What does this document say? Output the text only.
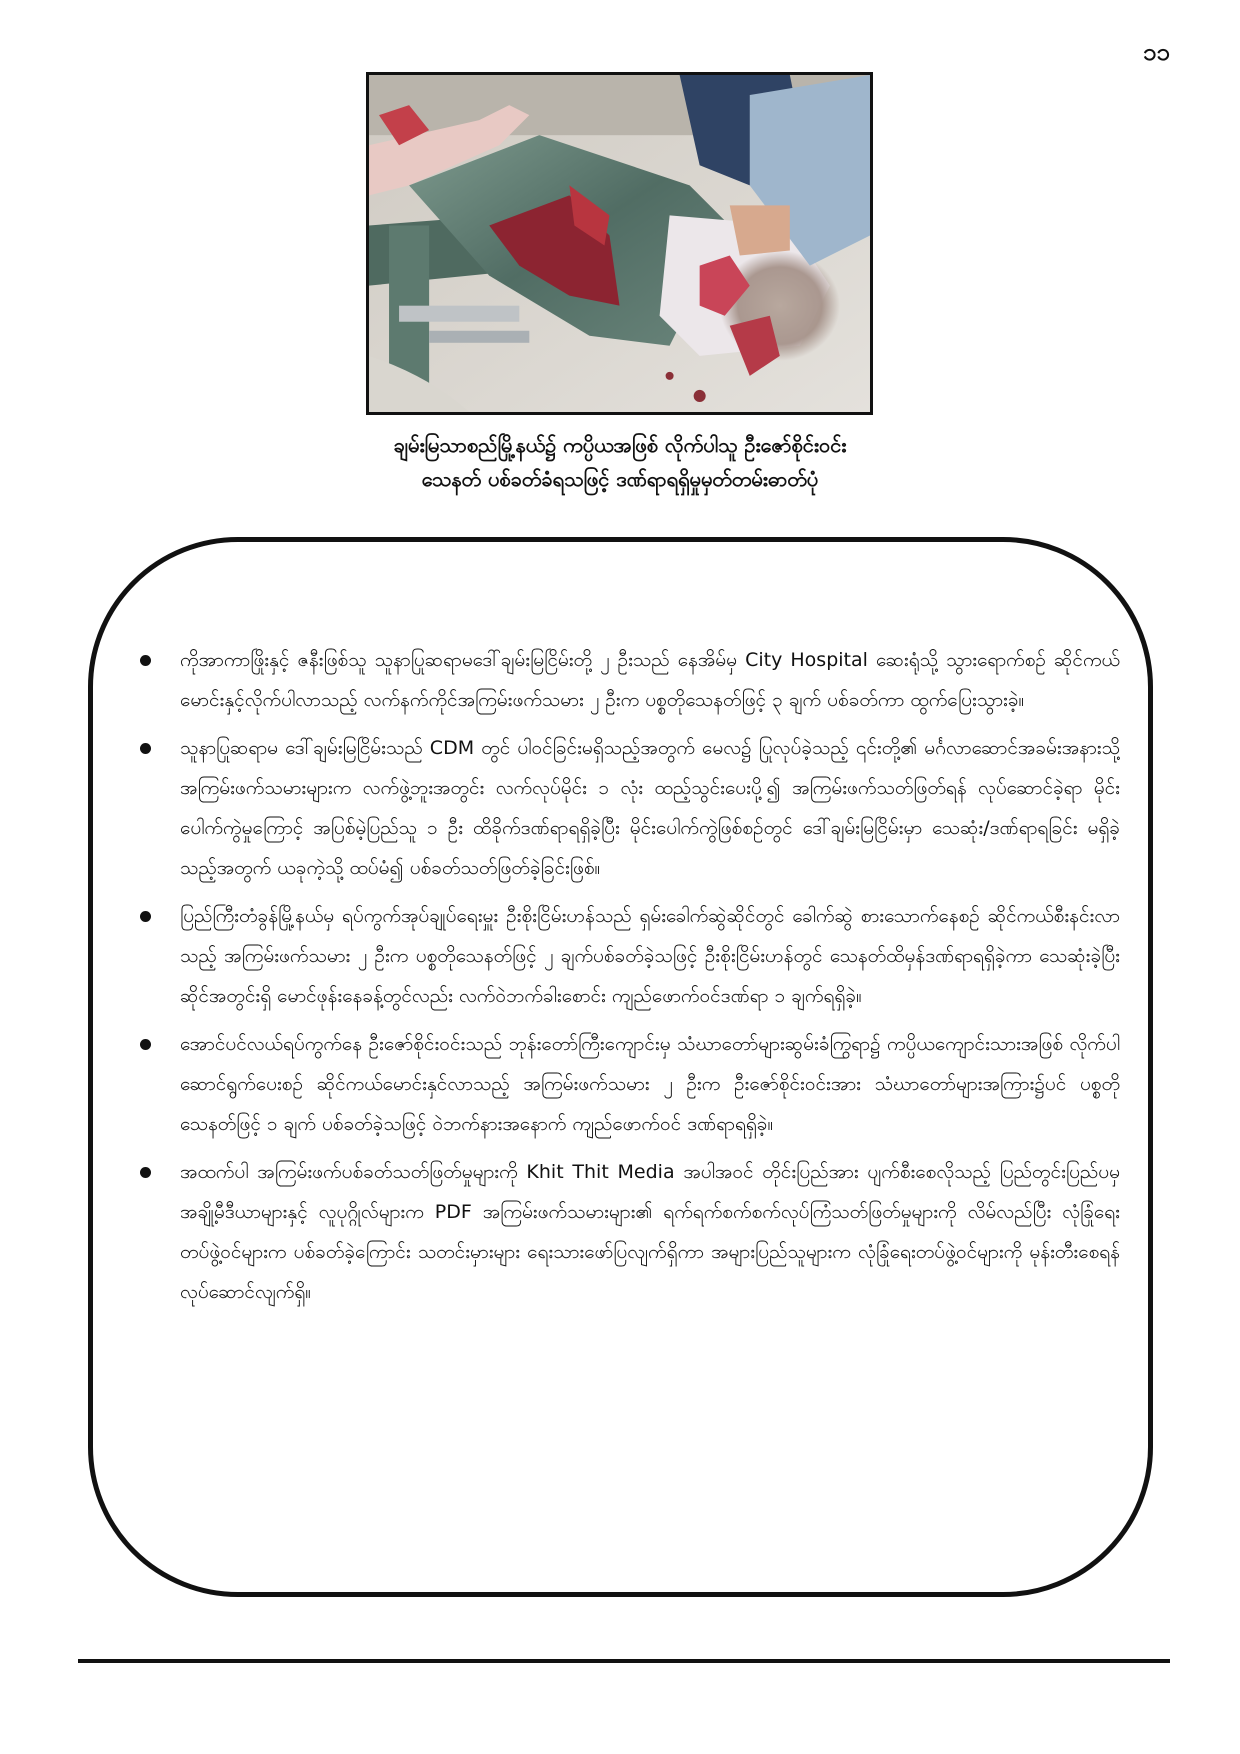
၁၁
ချမ်းမြသာစည်မြို့နယ်၌ ကပ္ပိယအဖြစ် လိုက်ပါသူ ဦးဇော်စိုင်းဝင်း
သေနတ် ပစ်ခတ်ခံရသဖြင့် ဒဏ်ရာရရှိမှုမှတ်တမ်းဓာတ်ပုံ
ကိုအာကာဖြိုးနှင့် ဇနီးဖြစ်သူ သူနာပြုဆရာမဒေါ်ချမ်းမြငြိမ်းတို့ ၂ ဦးသည် နေအိမ်မှ City Hospital ဆေးရုံသို့ သွားရောက်စဉ် ဆိုင်ကယ်မောင်းနှင့်လိုက်ပါလာသည့် လက်နက်ကိုင်အကြမ်းဖက်သမား ၂ ဦးက ပစ္စတိုသေနတ်ဖြင့် ၃ ချက် ပစ်ခတ်ကာ ထွက်ပြေးသွားခဲ့။
သူနာပြုဆရာမ ဒေါ်ချမ်းမြငြိမ်းသည် CDM တွင် ပါဝင်ခြင်းမရှိသည့်အတွက် မေလ၌ ပြုလုပ်ခဲ့သည့် ၎င်းတို့၏ မင်္ဂလာဆောင်အခမ်းအနားသို့ အကြမ်းဖက်သမားများက လက်ဖွဲ့ဘူးအတွင်း လက်လုပ်မိုင်း ၁ လုံး ထည့်သွင်းပေးပို့၍ အကြမ်းဖက်သတ်ဖြတ်ရန် လုပ်ဆောင်ခဲ့ရာ မိုင်းပေါက်ကွဲမှုကြောင့် အပြစ်မဲ့ပြည်သူ ၁ ဦး ထိခိုက်ဒဏ်ရာရရှိခဲ့ပြီး မိုင်းပေါက်ကွဲဖြစ်စဉ်တွင် ဒေါ်ချမ်းမြငြိမ်းမှာ သေဆုံး/ဒဏ်ရာရခြင်း မရှိခဲ့သည့်အတွက် ယခုကဲ့သို့ ထပ်မံ၍ ပစ်ခတ်သတ်ဖြတ်ခဲ့ခြင်းဖြစ်။
ပြည်ကြီးတံခွန်မြို့နယ်မှ ရပ်ကွက်အုပ်ချုပ်ရေးမှူး ဦးစိုးငြိမ်းဟန်သည် ရှမ်းခေါက်ဆွဲဆိုင်တွင် ခေါက်ဆွဲ စားသောက်နေစဉ် ဆိုင်ကယ်စီးနင်းလာသည့် အကြမ်းဖက်သမား ၂ ဦးက ပစ္စတိုသေနတ်ဖြင့် ၂ ချက်ပစ်ခတ်ခဲ့သဖြင့် ဦးစိုးငြိမ်းဟန်တွင် သေနတ်ထိမှန်ဒဏ်ရာရရှိခဲ့ကာ သေဆုံးခဲ့ပြီး ဆိုင်အတွင်းရှိ မောင်ဖုန်းနေခန့်တွင်လည်း လက်ဝဲဘက်ခါးစောင်း ကျည်ဖောက်ဝင်ဒဏ်ရာ ၁ ချက်ရရှိခဲ့။
အောင်ပင်လယ်ရပ်ကွက်နေ ဦးဇော်စိုင်းဝင်းသည် ဘုန်းတော်ကြီးကျောင်းမှ သံဃာတော်များဆွမ်းခံကြွရာ၌ ကပ္ပိယကျောင်းသားအဖြစ် လိုက်ပါဆောင်ရွက်ပေးစဉ် ဆိုင်ကယ်မောင်းနှင်လာသည့် အကြမ်းဖက်သမား ၂ ဦးက ဦးဇော်စိုင်းဝင်းအား သံဃာတော်များအကြား၌ပင် ပစ္စတိုသေနတ်ဖြင့် ၁ ချက် ပစ်ခတ်ခဲ့သဖြင့် ဝဲဘက်နားအနောက် ကျည်ဖောက်ဝင် ဒဏ်ရာရရှိခဲ့။
အထက်ပါ အကြမ်းဖက်ပစ်ခတ်သတ်ဖြတ်မှုများကို Khit Thit Media အပါအဝင် တိုင်းပြည်အား ပျက်စီးစေလိုသည့် ပြည်တွင်းပြည်ပမှ အချို့မီဒီယာများနှင့် လူပုဂ္ဂိုလ်များက PDF အကြမ်းဖက်သမားများ၏ ရက်ရက်စက်စက်လုပ်ကြံသတ်ဖြတ်မှုများကို လိမ်လည်ပြီး လုံခြုံရေးတပ်ဖွဲ့ဝင်များက ပစ်ခတ်ခဲ့ကြောင်း သတင်းမှားများ ရေးသားဖော်ပြလျက်ရှိကာ အများပြည်သူများက လုံခြုံရေးတပ်ဖွဲ့ဝင်များကို မုန်းတီးစေရန် လုပ်ဆောင်လျက်ရှိ။
